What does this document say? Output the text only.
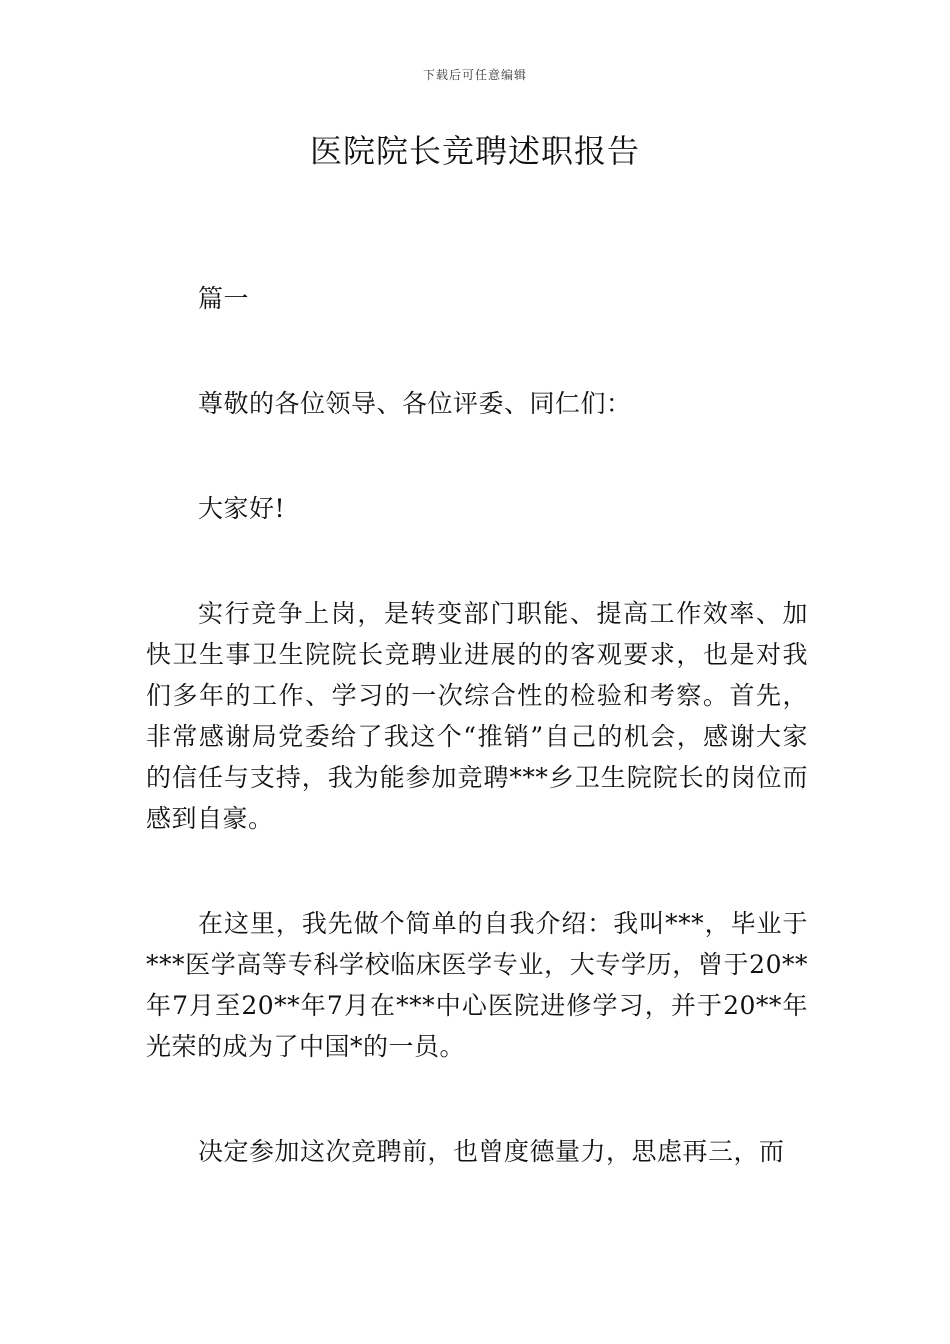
下载后可任意编辑
医院院长竞聘述职报告

篇一

尊敬的各位领导、各位评委、同仁们：

大家好!

实行竞争上岗，是转变部门职能、提高工作效率、加快卫生事卫生院院长竞聘业进展的的客观要求，也是对我们多年的工作、学习的一次综合性的检验和考察。首先，非常感谢局党委给了我这个“推销”自己的机会，感谢大家的信任与支持，我为能参加竞聘***乡卫生院院长的岗位而感到自豪。

在这里，我先做个简单的自我介绍：我叫***，毕业于***医学高等专科学校临床医学专业，大专学历，曾于20**年7月至20**年7月在***中心医院进修学习，并于20**年光荣的成为了中国*的一员。

决定参加这次竞聘前，也曾度德量力，思虑再三，而
